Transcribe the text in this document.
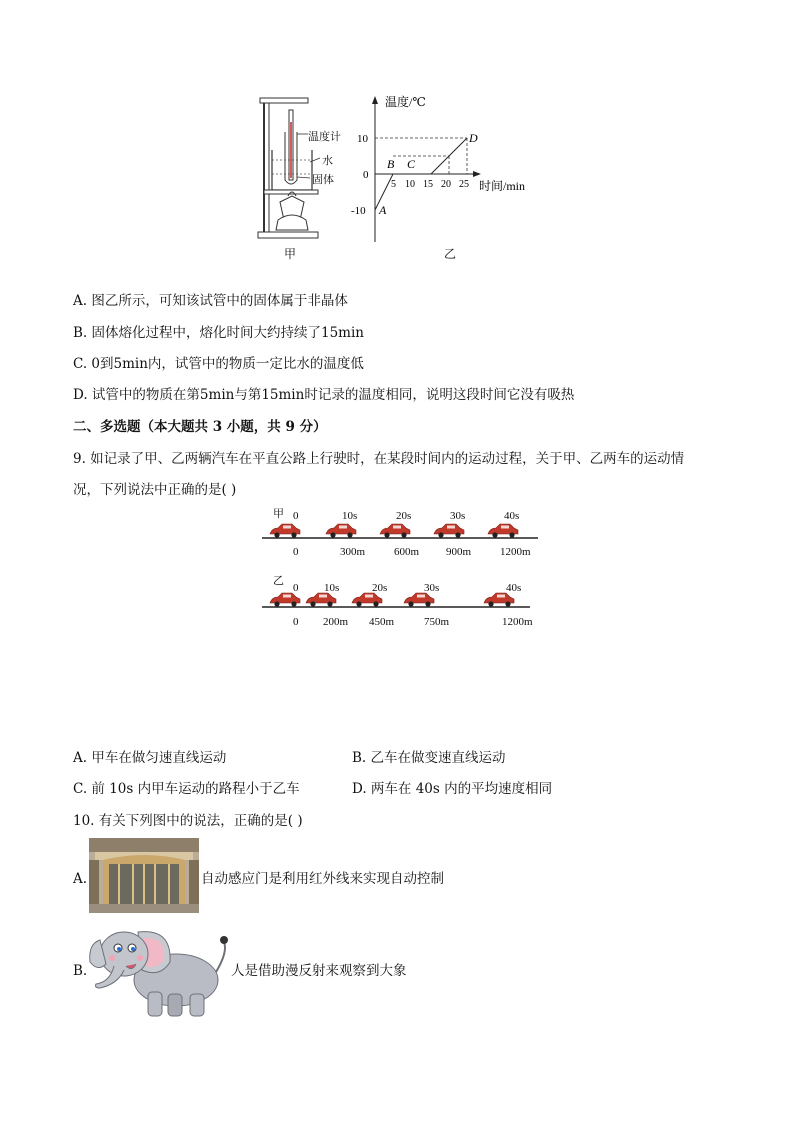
温度计
水
固体
甲
温度/℃
10
0
-10
5 10 15 20 25 时间/min
A
B C
D
乙
A. 图乙所示，可知该试管中的固体属于非晶体
B. 固体熔化过程中，熔化时间大约持续了15min
C. 0到5min内，试管中的物质一定比水的温度低
D. 试管中的物质在第5min与第15min时记录的温度相同，说明这段时间它没有吸热
二、多选题（本大题共 3 小题，共 9 分）
9. 如记录了甲、乙两辆汽车在平直公路上行驶时，在某段时间内的运动过程，关于甲、乙两车的运动情
况，下列说法中正确的是( )
甲 0	10s	20s	30s	40s
0	300m	600m 900m	1200m
乙
0 10s	20s	30s	40s
0 200m 450m	750m	1200m
A. 甲车在做匀速直线运动	B. 乙车在做变速直线运动
C. 前 10s 内甲车运动的路程小于乙车	D. 两车在 40s 内的平均速度相同
10. 有关下列图中的说法，正确的是( )
A.	自动感应门是利用红外线来实现自动控制
B.	人是借助漫反射来观察到大象
